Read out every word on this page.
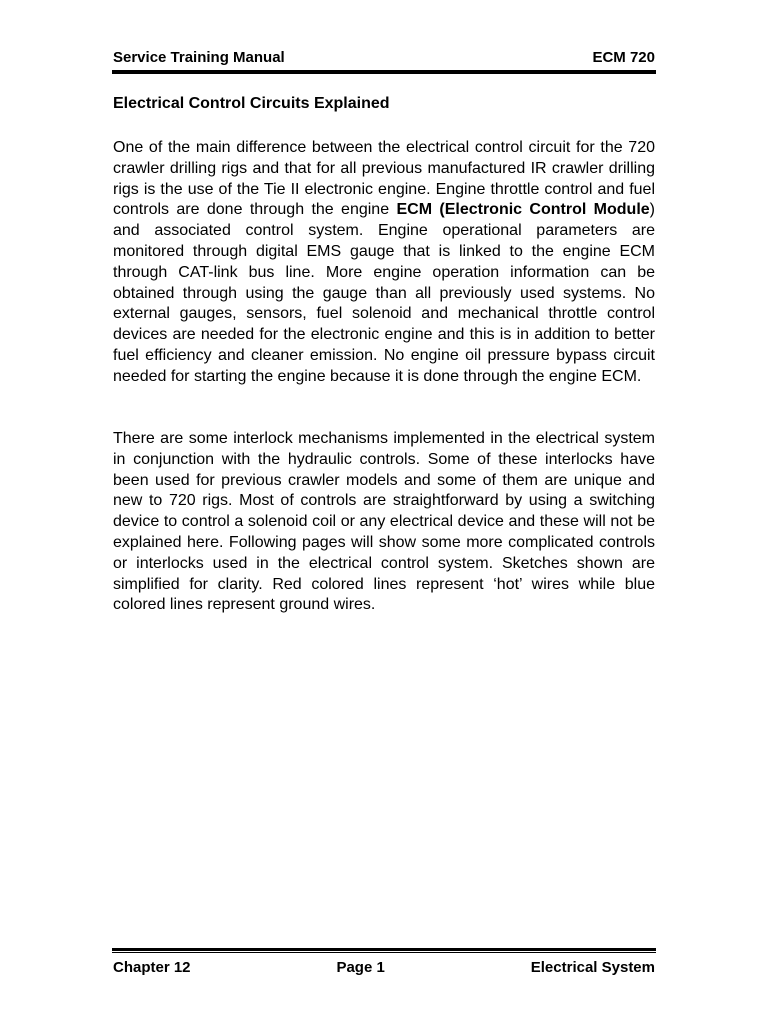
Service Training Manual	ECM 720
Electrical Control Circuits Explained

One of the main difference between the electrical control circuit for the 720 crawler drilling rigs and that for all previous manufactured IR crawler drilling rigs is the use of the Tie II electronic engine. Engine throttle control and fuel controls are done through the engine ECM (Electronic Control Module) and associated control system. Engine operational parameters are monitored through digital EMS gauge that is linked to the engine ECM through CAT-link bus line. More engine operation information can be obtained through using the gauge than all previously used systems. No external gauges, sensors, fuel solenoid and mechanical throttle control devices are needed for the electronic engine and this is in addition to better fuel efficiency and cleaner emission. No engine oil pressure bypass circuit needed for starting the engine because it is done through the engine ECM.

There are some interlock mechanisms implemented in the electrical system in conjunction with the hydraulic controls. Some of these interlocks have been used for previous crawler models and some of them are unique and new to 720 rigs. Most of controls are straightforward by using a switching device to control a solenoid coil or any electrical device and these will not be explained here. Following pages will show some more complicated controls or interlocks used in the electrical control system. Sketches shown are simplified for clarity. Red colored lines represent ‘hot’ wires while blue colored lines represent ground wires.

Chapter 12	Page 1	Electrical System
